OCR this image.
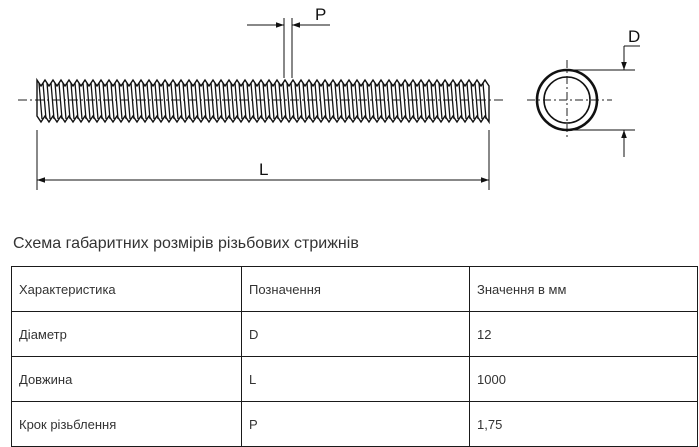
P
L
D
Схема габаритних розмірів різьбових стрижнів
Характеристика	Позначення	Значення в мм
Діаметр	D	12
Довжина	L	1000
Крок різьблення	P	1,75
